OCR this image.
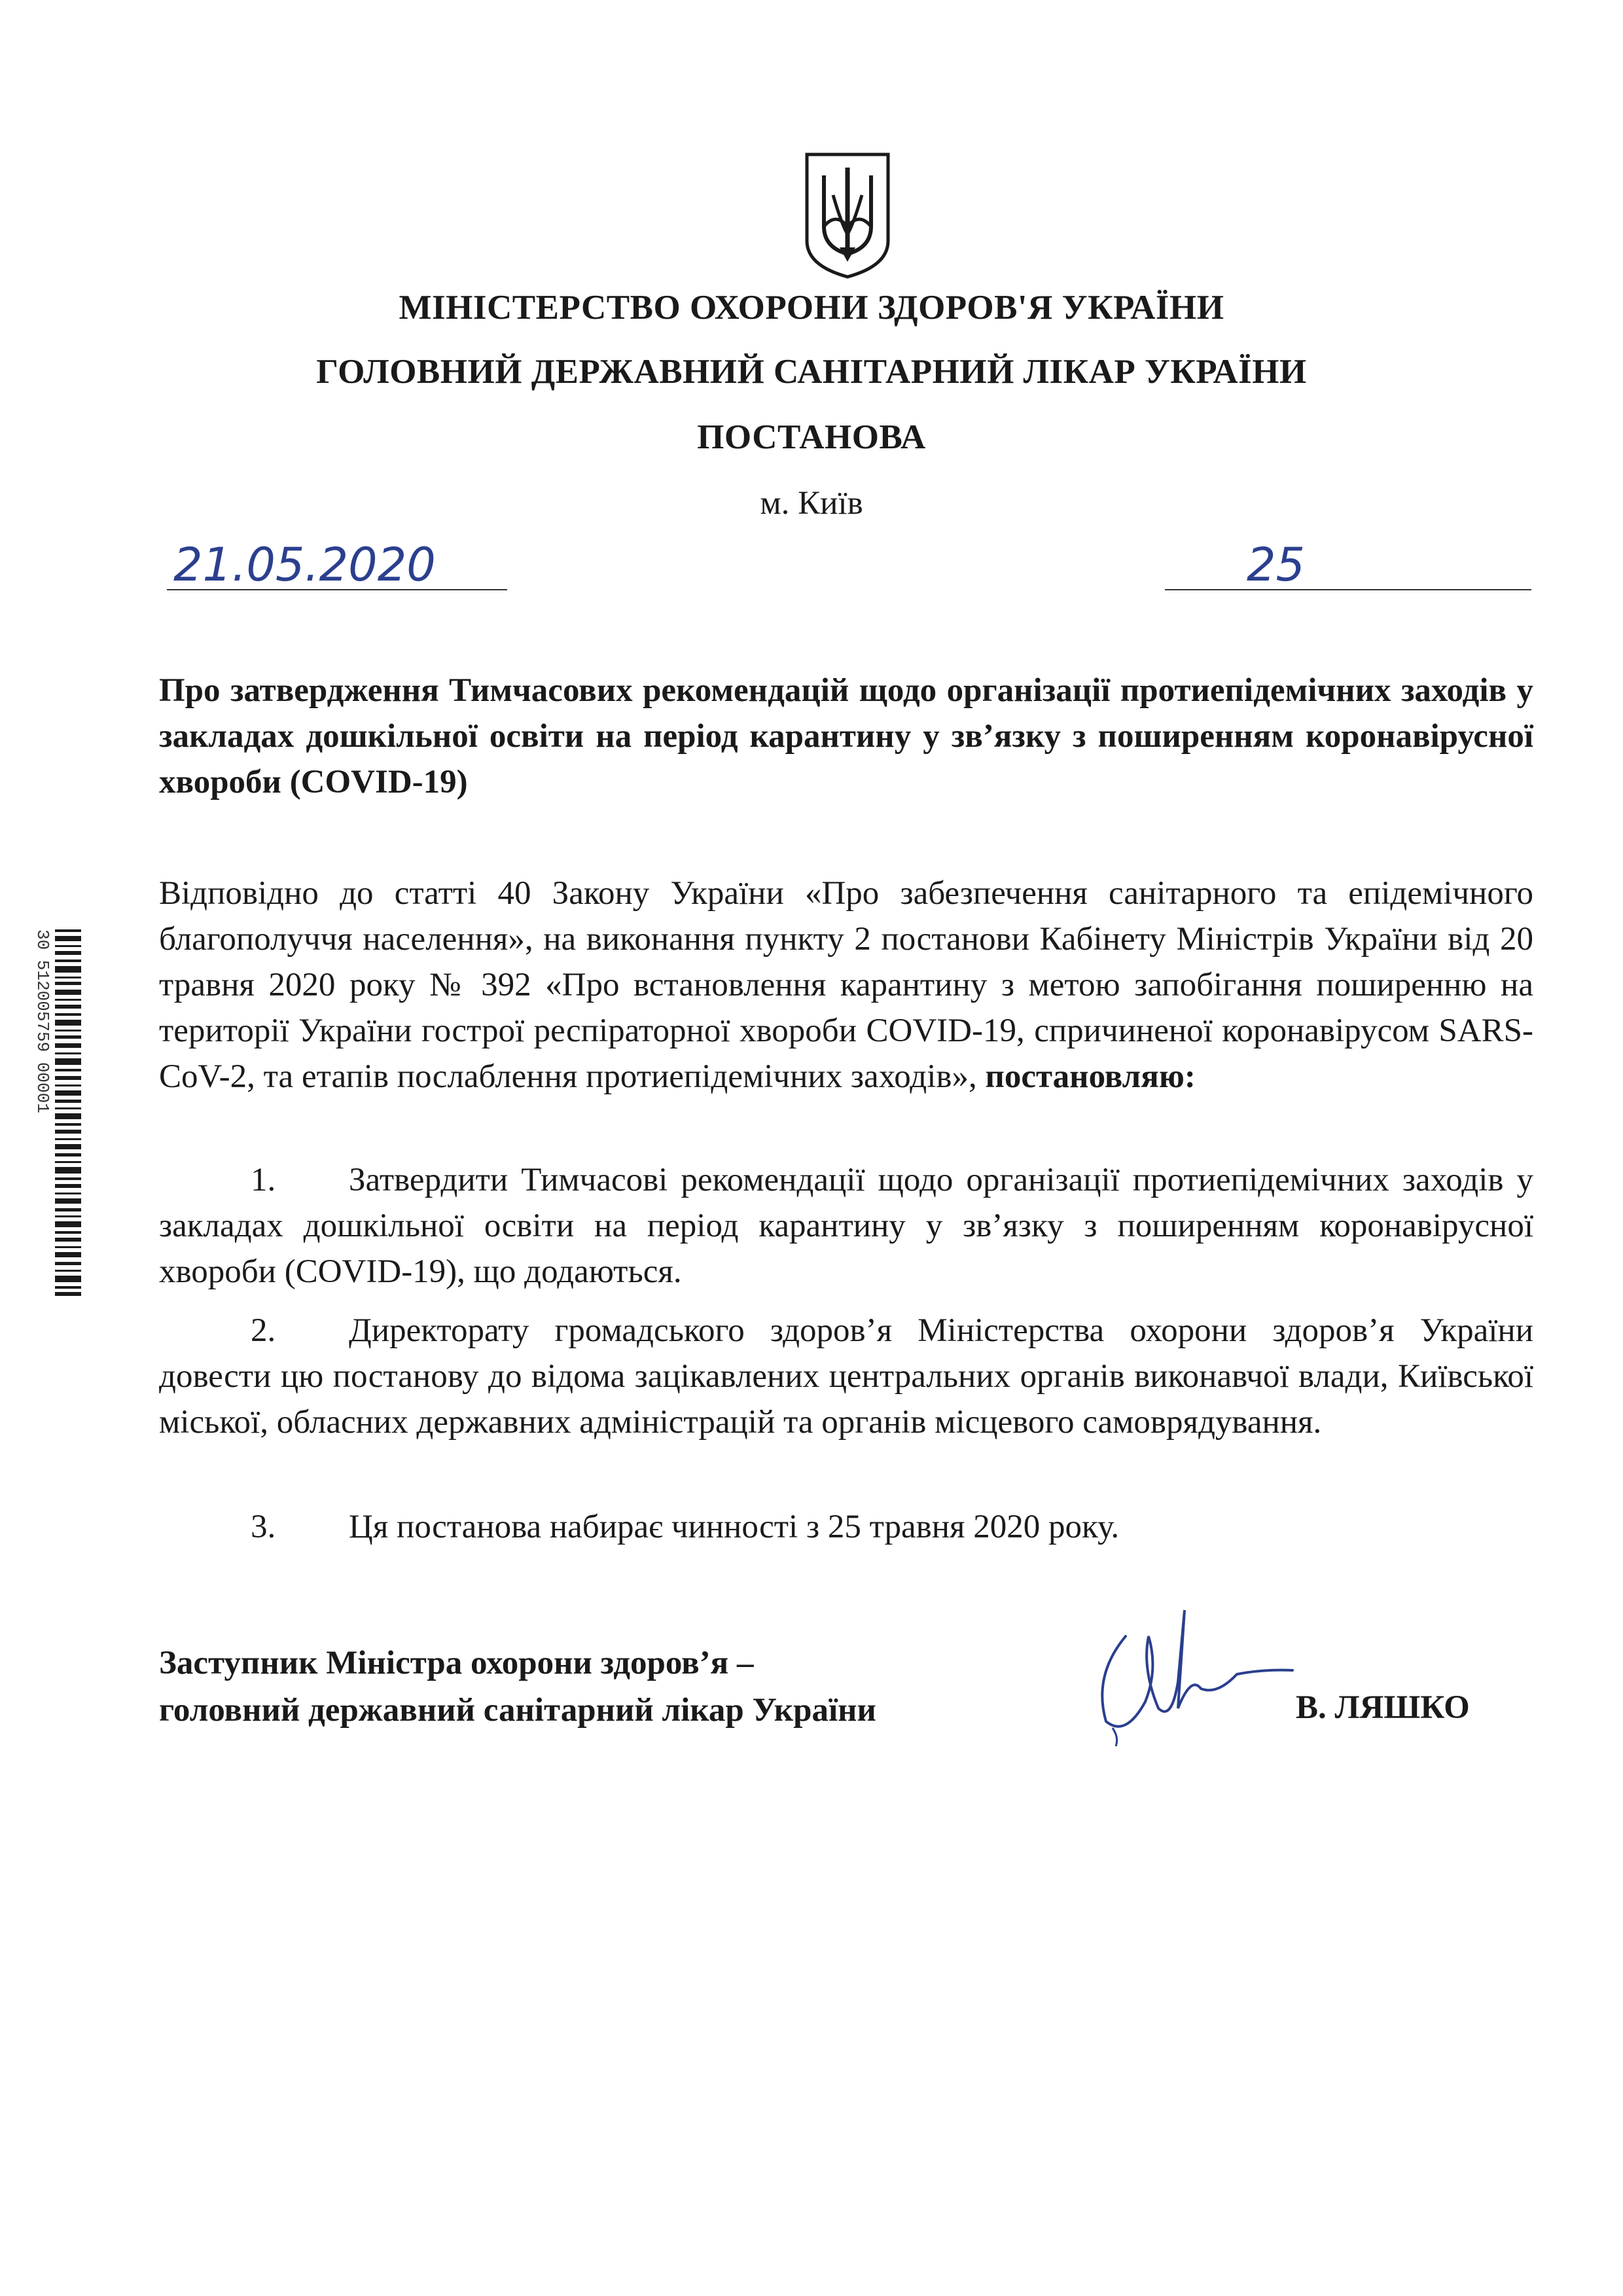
МІНІСТЕРСТВО ОХОРОНИ ЗДОРОВ'Я УКРАЇНИ
ГОЛОВНИЙ ДЕРЖАВНИЙ САНІТАРНИЙ ЛІКАР УКРАЇНИ
ПОСТАНОВА
м. Київ
21.05.2020	25
Про затвердження Тимчасових рекомендацій щодо організації протиепідемічних заходів у закладах дошкільної освіти на період карантину у зв’язку з поширенням коронавірусної хвороби (COVID-19)
Відповідно до статті 40 Закону України «Про забезпечення санітарного та епідемічного благополуччя населення», на виконання пункту 2 постанови Кабінету Міністрів України від 20 травня 2020 року № 392 «Про встановлення карантину з метою запобігання поширенню на території України гострої респіраторної хвороби COVID-19, спричиненої коронавірусом SARS-CoV-2, та етапів послаблення протиепідемічних заходів», постановляю:
1. Затвердити Тимчасові рекомендації щодо організації протиепідемічних заходів у закладах дошкільної освіти на період карантину у зв’язку з поширенням коронавірусної хвороби (COVID-19), що додаються.
2. Директорату громадського здоров’я Міністерства охорони здоров’я України довести цю постанову до відома зацікавлених центральних органів виконавчої влади, Київської міської, обласних державних адміністрацій та органів місцевого самоврядування.
3. Ця постанова набирає чинності з 25 травня 2020 року.
Заступник Міністра охорони здоров’я –
головний державний санітарний лікар України	В. ЛЯШКО
30 512005759 00001
